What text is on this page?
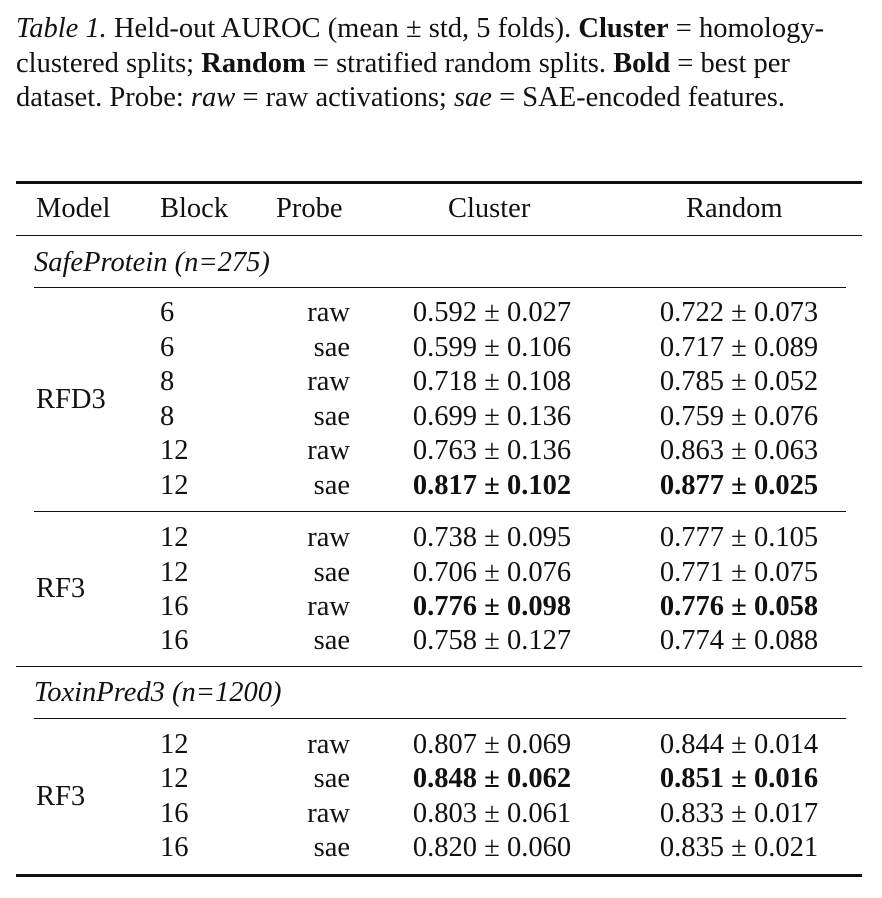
Table 1. Held-out AUROC (mean ± std, 5 folds). Cluster = homology-clustered splits; Random = stratified random splits. Bold = best per dataset. Probe: raw = raw activations; sae = SAE-encoded features.
Model Block Probe	Cluster	Random
SafeProtein (n=275)
RFD3
6	raw	0.592 ± 0.027	0.722 ± 0.073
6	sae	0.599 ± 0.106	0.717 ± 0.089
8	raw	0.718 ± 0.108	0.785 ± 0.052
8	sae	0.699 ± 0.136	0.759 ± 0.076
12	raw	0.763 ± 0.136	0.863 ± 0.063
12	sae	0.817 ± 0.102	0.877 ± 0.025
RF3
12	raw	0.738 ± 0.095	0.777 ± 0.105
12	sae	0.706 ± 0.076	0.771 ± 0.075
16	raw	0.776 ± 0.098	0.776 ± 0.058
16	sae	0.758 ± 0.127	0.774 ± 0.088
ToxinPred3 (n=1200)
RF3
12	raw	0.807 ± 0.069	0.844 ± 0.014
12	sae	0.848 ± 0.062	0.851 ± 0.016
16	raw	0.803 ± 0.061	0.833 ± 0.017
16	sae	0.820 ± 0.060	0.835 ± 0.021
